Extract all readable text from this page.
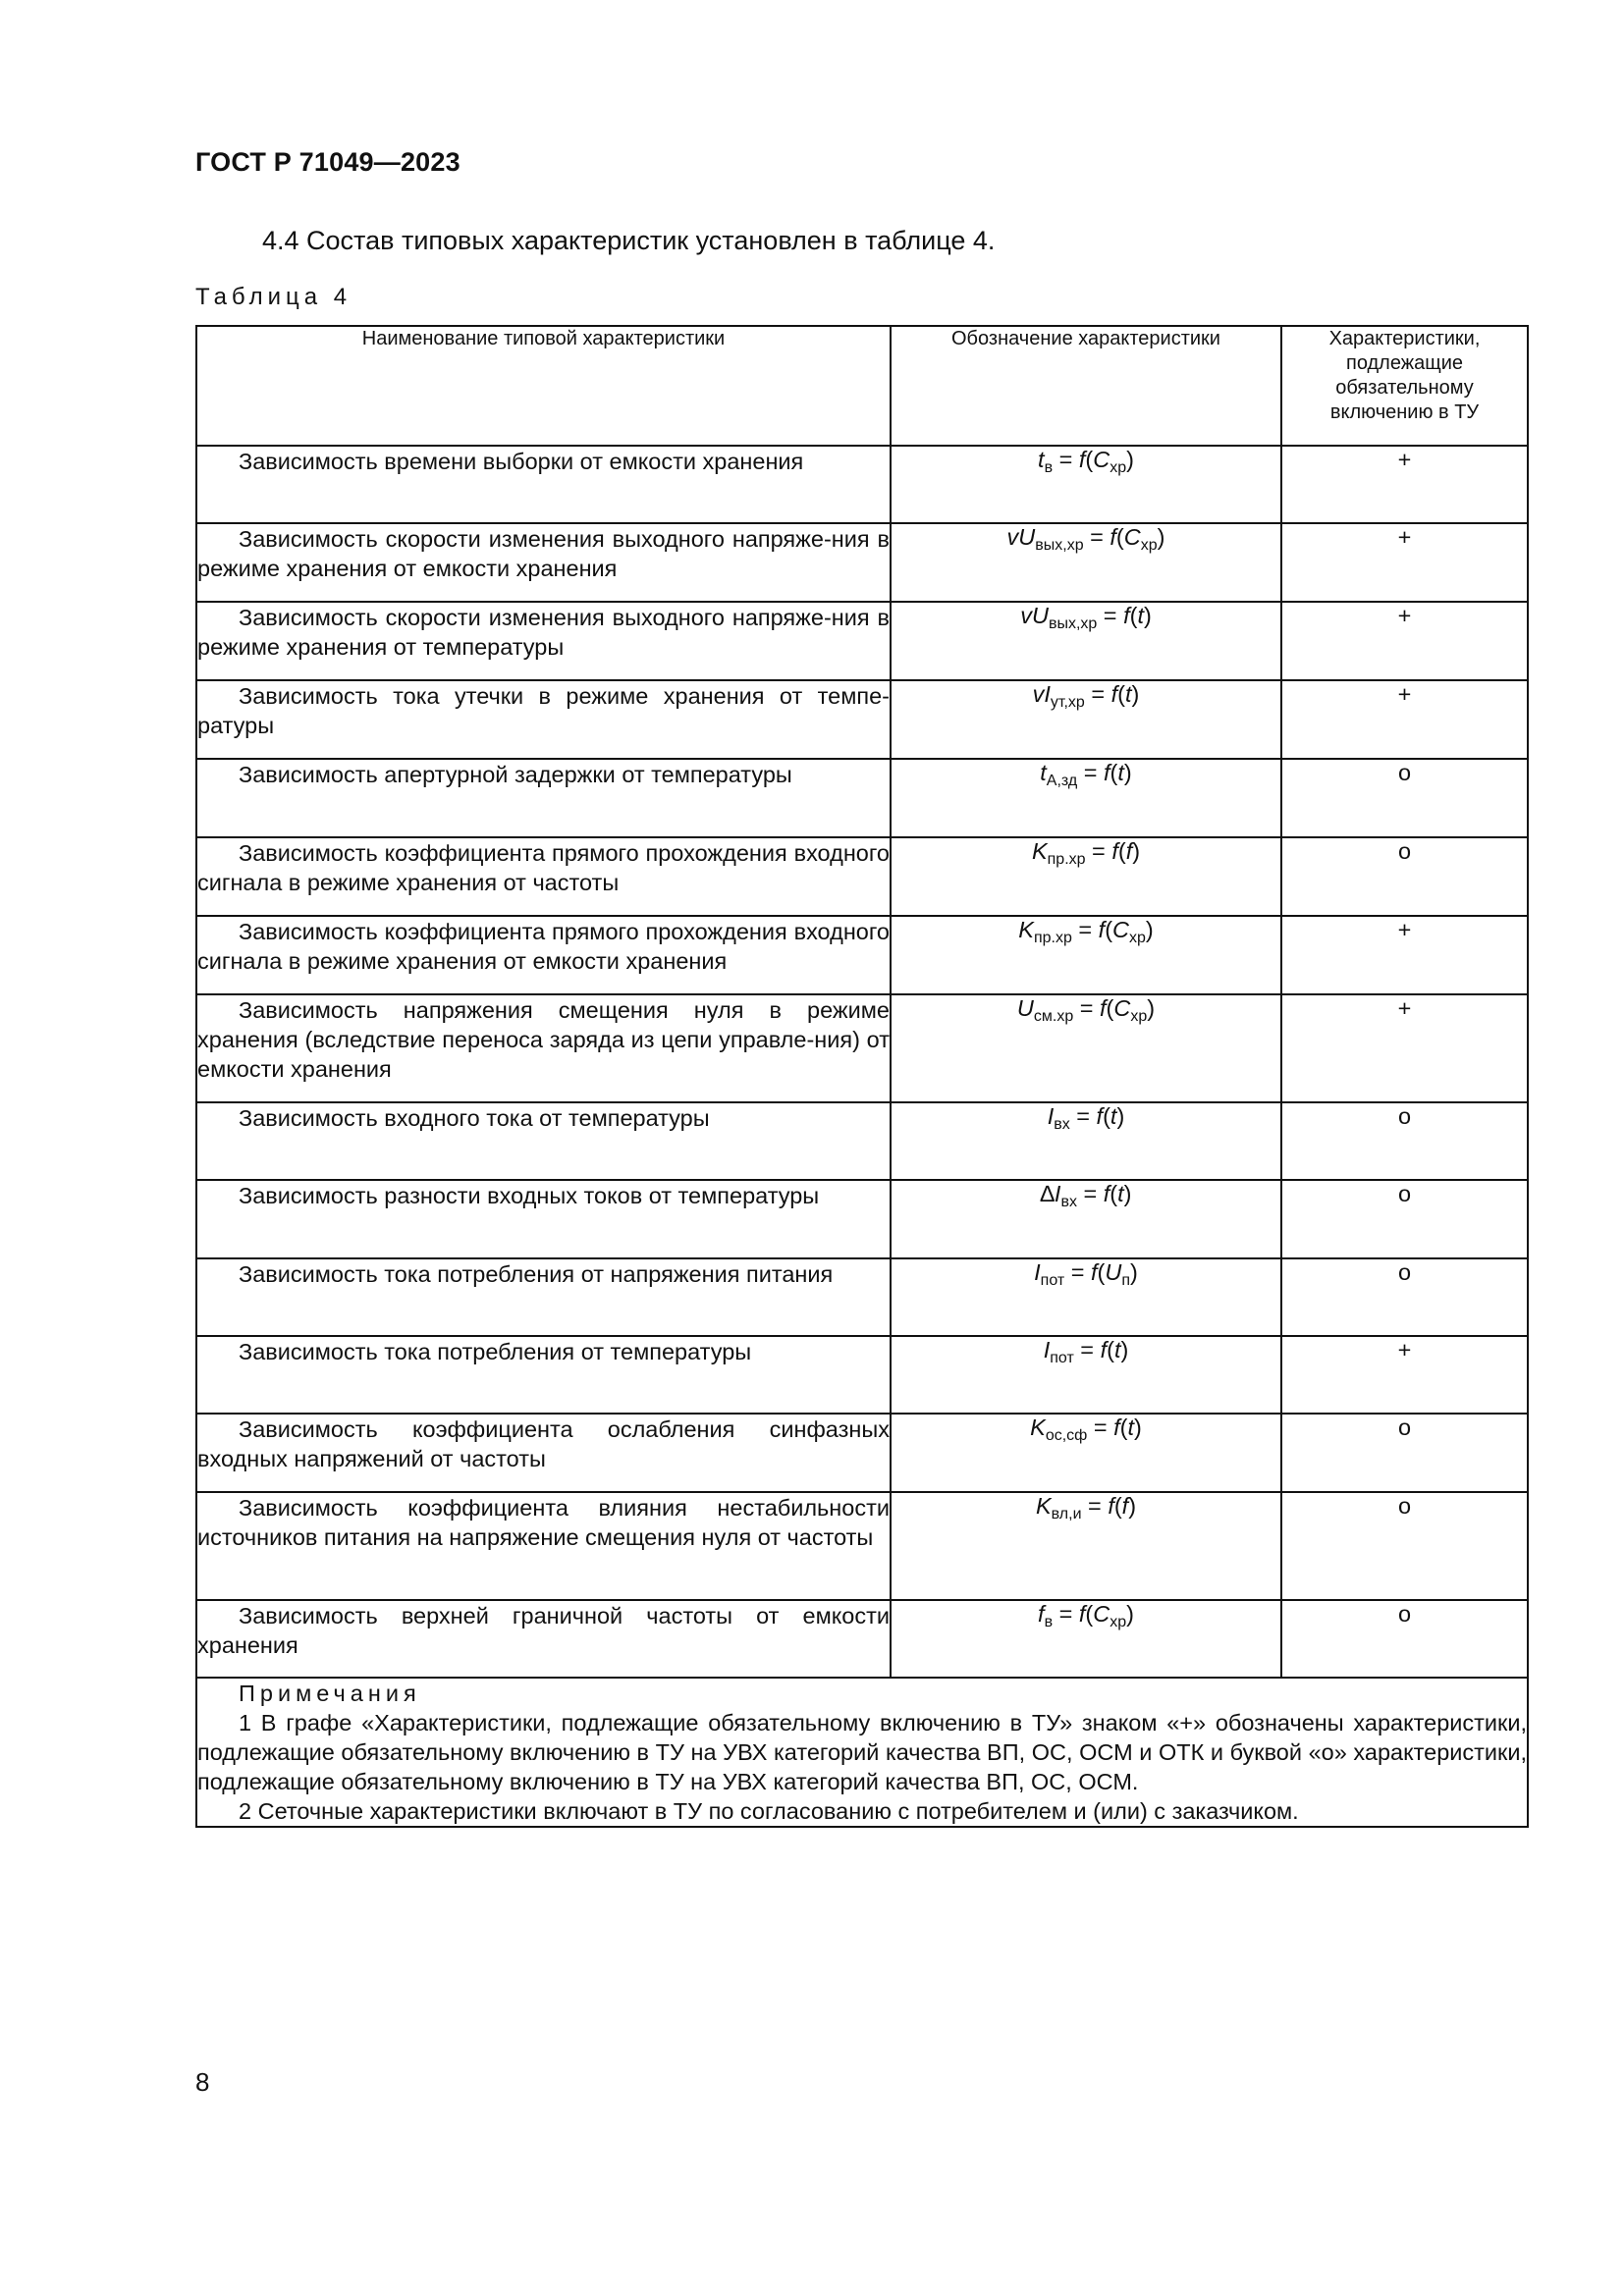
ГОСТ Р 71049—2023
4.4 Состав типовых характеристик установлен в таблице 4.
Таблица 4
Наименование типовой характеристики	Обозначение характеристики	Характеристики, подлежащие обязательному включению в ТУ

Зависимость времени выборки от емкости хранения	$t_в = f(C_{хр})$	+

Зависимость скорости изменения выходного напряже-ния в режиме хранения от емкости хранения	$vU_{вых,хр} = f(C_{хр})$	+

Зависимость скорости изменения выходного напряже-ния в режиме хранения от температуры	$vU_{вых,хр} = f(t)$	+

Зависимость тока утечки в режиме хранения от темпе-ратуры	$vI_{ут,хр} = f(t)$	+

Зависимость апертурной задержки от температуры	$t_{А,зд} = f(t)$	о

Зависимость коэффициента прямого прохождения входного сигнала в режиме хранения от частоты	$K_{пр.хр} = f(f)$	о

Зависимость коэффициента прямого прохождения входного сигнала в режиме хранения от емкости хранения	$K_{пр.хр} = f(C_{хр})$	+

Зависимость напряжения смещения нуля в режиме хранения (вследствие переноса заряда из цепи управле-ния) от емкости хранения	$U_{см.хр} = f(C_{хр})$	+

Зависимость входного тока от температуры	$I_{вх} = f(t)$	о

Зависимость разности входных токов от температуры	$\Delta I_{вх} = f(t)$	о

Зависимость тока потребления от напряжения питания	$I_{пот} = f(U_п)$	о

Зависимость тока потребления от температуры	$I_{пот} = f(t)$	+

Зависимость коэффициента ослабления синфазных входных напряжений от частоты	$K_{ос,сф} = f(t)$	о

Зависимость коэффициента влияния нестабильности источников питания на напряжение смещения нуля от частоты	$K_{вл,и} = f(f)$	о

Зависимость верхней граничной частоты от емкости хранения	$f_в = f(C_{хр})$	о

Примечания
1 В графе «Характеристики, подлежащие обязательному включению в ТУ» знаком «+» обозначены характеристики, подлежащие обязательному включению в ТУ на УВХ категорий качества ВП, ОС, ОСМ и ОТК и буквой «о» характеристики, подлежащие обязательному включению в ТУ на УВХ категорий качества ВП, ОС, ОСМ.
2 Сеточные характеристики включают в ТУ по согласованию с потребителем и (или) с заказчиком.		
8
